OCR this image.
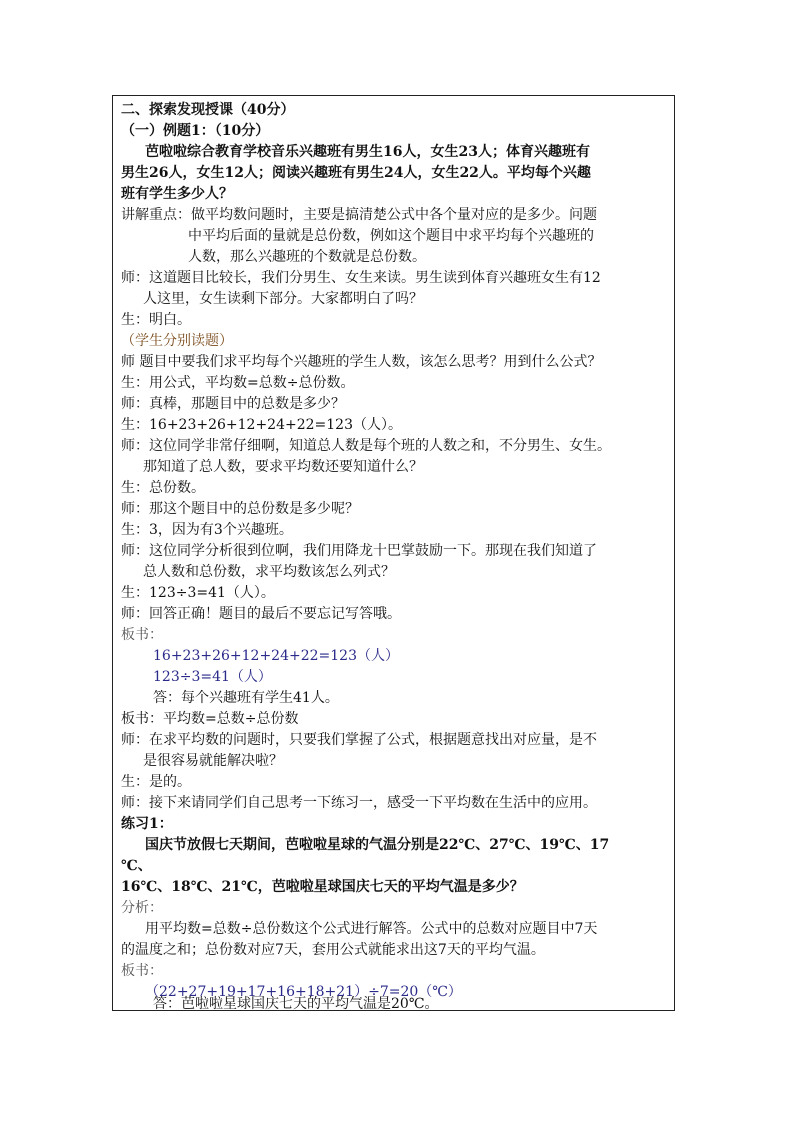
二、探索发现授课（40分）
（一）例题1：（10分）
芭啦啦综合教育学校音乐兴趣班有男生16人，女生23人；体育兴趣班有
男生26人，女生12人；阅读兴趣班有男生24人，女生22人。平均每个兴趣
班有学生多少人？
讲解重点：做平均数问题时，主要是搞清楚公式中各个量对应的是多少。问题
中平均后面的量就是总份数，例如这个题目中求平均每个兴趣班的
人数，那么兴趣班的个数就是总份数。
师：这道题目比较长，我们分男生、女生来读。男生读到体育兴趣班女生有12
人这里，女生读剩下部分。大家都明白了吗？
生：明白。
（学生分别读题）
师 题目中要我们求平均每个兴趣班的学生人数，该怎么思考？用到什么公式？
生：用公式，平均数=总数÷总份数。
师：真棒，那题目中的总数是多少？
生：16+23+26+12+24+22=123（人）。
师：这位同学非常仔细啊，知道总人数是每个班的人数之和，不分男生、女生。
那知道了总人数，要求平均数还要知道什么？
生：总份数。
师：那这个题目中的总份数是多少呢？
生：3，因为有3个兴趣班。
师：这位同学分析很到位啊，我们用降龙十巴掌鼓励一下。那现在我们知道了
总人数和总份数，求平均数该怎么列式？
生：123÷3=41（人）。
师：回答正确！题目的最后不要忘记写答哦。
板书：
16+23+26+12+24+22=123（人）
123÷3=41（人）
答：每个兴趣班有学生41人。
板书：平均数=总数÷总份数
师：在求平均数的问题时，只要我们掌握了公式，根据题意找出对应量，是不
是很容易就能解决啦？
生：是的。
师：接下来请同学们自己思考一下练习一，感受一下平均数在生活中的应用。
练习1：
国庆节放假七天期间，芭啦啦星球的气温分别是22℃、27℃、19℃、17
℃、
16℃、18℃、21℃，芭啦啦星球国庆七天的平均气温是多少？
分析：
用平均数=总数÷总份数这个公式进行解答。公式中的总数对应题目中7天
的温度之和；总份数对应7天，套用公式就能求出这7天的平均气温。
板书：
（22+27+19+17+16+18+21）÷7=20（℃）
答：芭啦啦星球国庆七天的平均气温是20℃。
